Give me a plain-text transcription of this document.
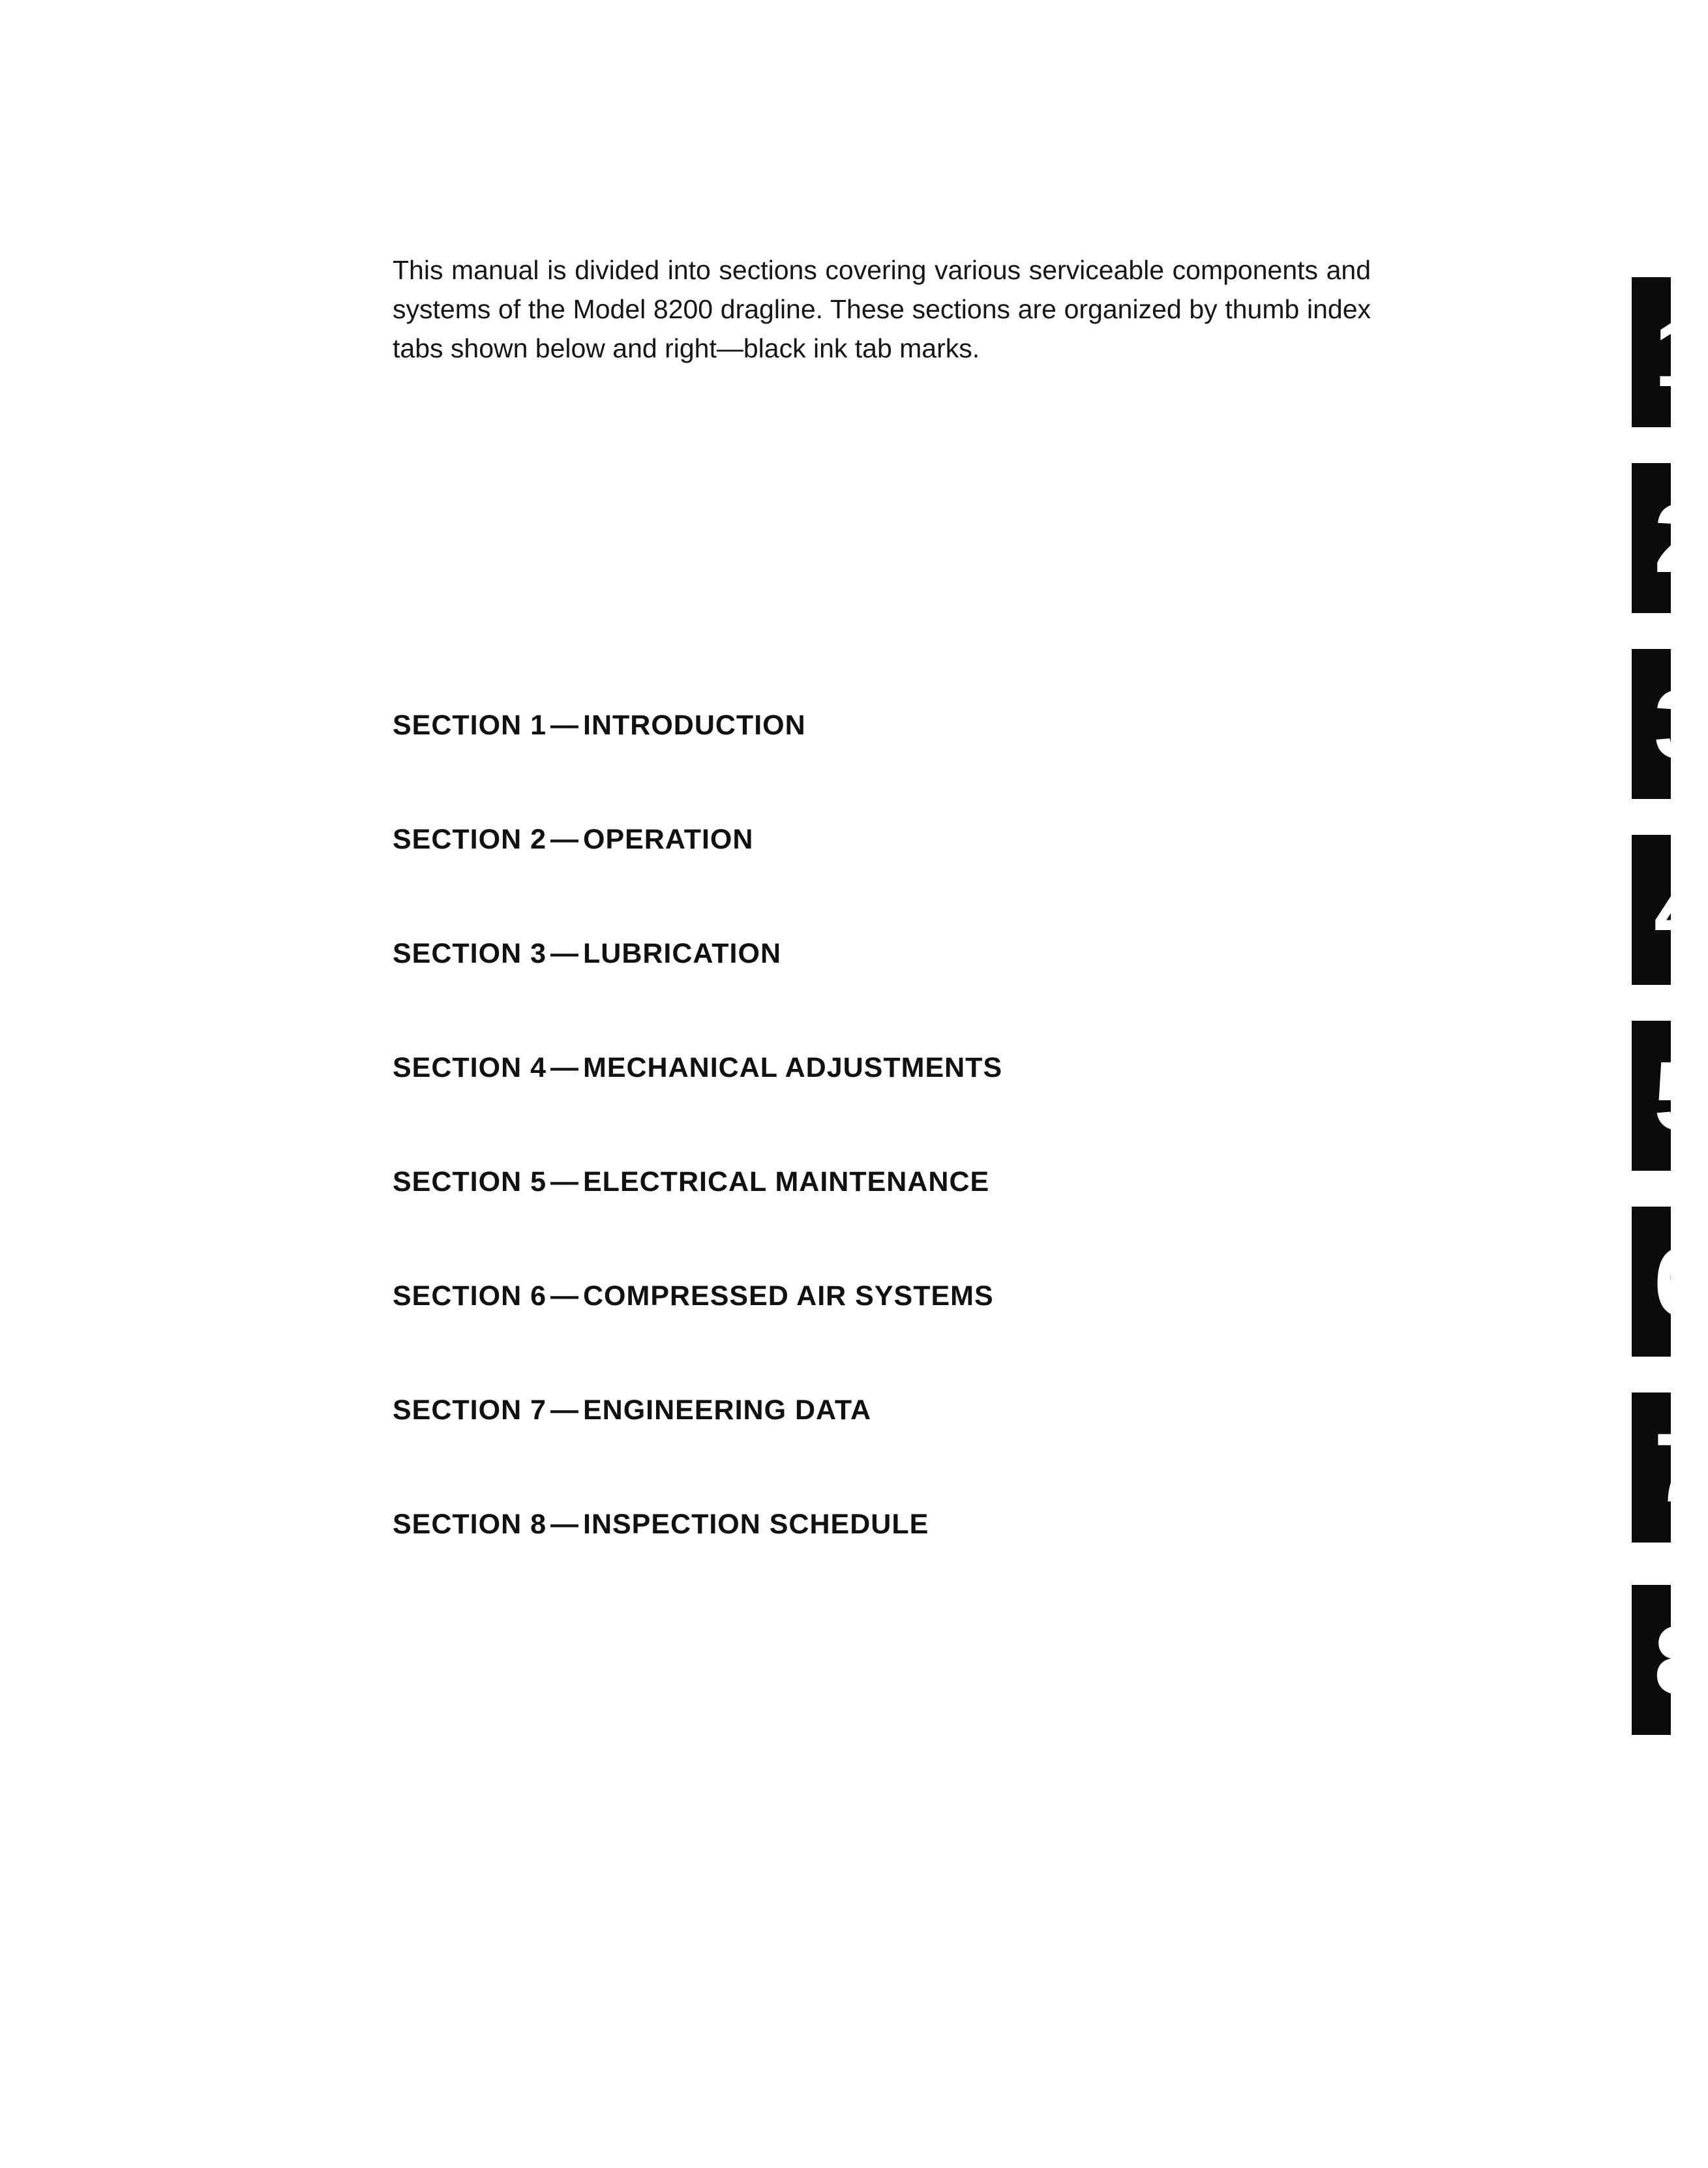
This manual is divided into sections covering various serviceable components and systems of the Model 8200 dragline. These sections are organized by thumb index tabs shown below and right—black ink tab marks.

SECTION 1 — INTRODUCTION
SECTION 2 — OPERATION
SECTION 3 — LUBRICATION
SECTION 4 — MECHANICAL ADJUSTMENTS
SECTION 5 — ELECTRICAL MAINTENANCE
SECTION 6 — COMPRESSED AIR SYSTEMS
SECTION 7 — ENGINEERING DATA
SECTION 8 — INSPECTION SCHEDULE
1
2
3
4
5
6
7
8
